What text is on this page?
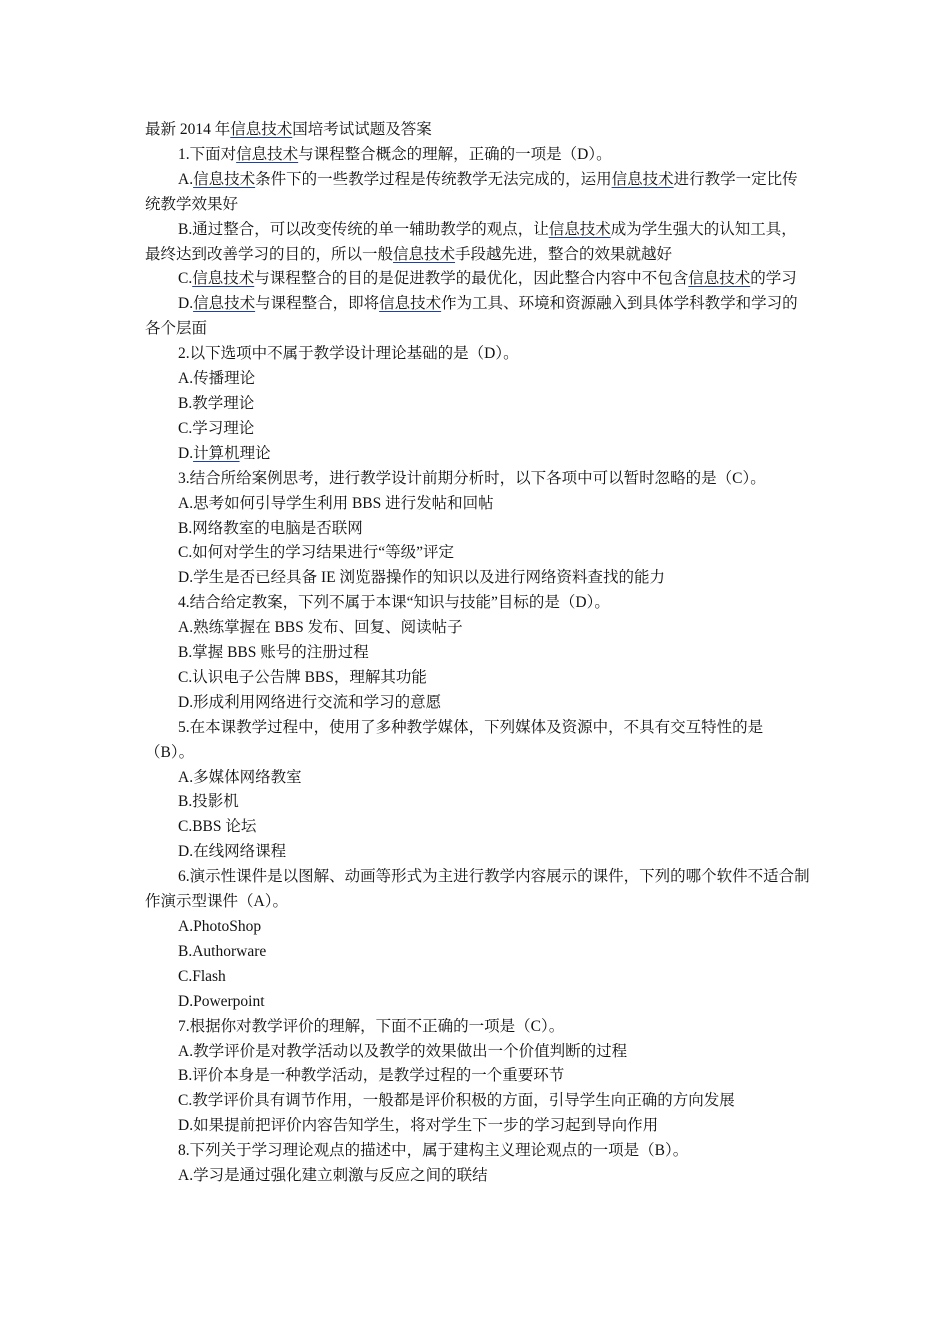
最新 2014 年信息技术国培考试试题及答案
1.下面对信息技术与课程整合概念的理解，正确的一项是（D）。
A.信息技术条件下的一些教学过程是传统教学无法完成的，运用信息技术进行教学一定比传统教学效果好
B.通过整合，可以改变传统的单一辅助教学的观点，让信息技术成为学生强大的认知工具，最终达到改善学习的目的，所以一般信息技术手段越先进，整合的效果就越好
C.信息技术与课程整合的目的是促进教学的最优化，因此整合内容中不包含信息技术的学习
D.信息技术与课程整合，即将信息技术作为工具、环境和资源融入到具体学科教学和学习的各个层面
2.以下选项中不属于教学设计理论基础的是（D）。
A.传播理论
B.教学理论
C.学习理论
D.计算机理论
3.结合所给案例思考，进行教学设计前期分析时，以下各项中可以暂时忽略的是（C）。
A.思考如何引导学生利用 BBS 进行发帖和回帖
B.网络教室的电脑是否联网
C.如何对学生的学习结果进行“等级”评定
D.学生是否已经具备 IE 浏览器操作的知识以及进行网络资料查找的能力
4.结合给定教案，下列不属于本课“知识与技能”目标的是（D）。
A.熟练掌握在 BBS 发布、回复、阅读帖子
B.掌握 BBS 账号的注册过程
C.认识电子公告牌 BBS，理解其功能
D.形成利用网络进行交流和学习的意愿
5.在本课教学过程中，使用了多种教学媒体，下列媒体及资源中，不具有交互特性的是（B）。
A.多媒体网络教室
B.投影机
C.BBS 论坛
D.在线网络课程
6.演示性课件是以图解、动画等形式为主进行教学内容展示的课件，下列的哪个软件不适合制作演示型课件（A）。
A.PhotoShop
B.Authorware
C.Flash
D.Powerpoint
7.根据你对教学评价的理解，下面不正确的一项是（C）。
A.教学评价是对教学活动以及教学的效果做出一个价值判断的过程
B.评价本身是一种教学活动，是教学过程的一个重要环节
C.教学评价具有调节作用，一般都是评价积极的方面，引导学生向正确的方向发展
D.如果提前把评价内容告知学生，将对学生下一步的学习起到导向作用
8.下列关于学习理论观点的描述中，属于建构主义理论观点的一项是（B）。
A.学习是通过强化建立刺激与反应之间的联结
